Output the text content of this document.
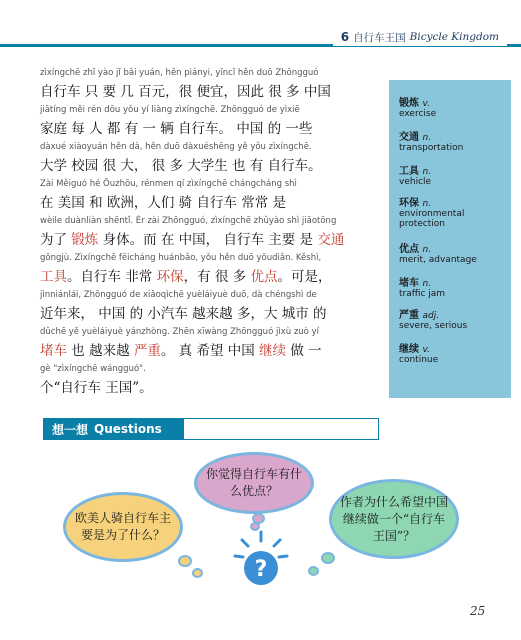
6 自行车王国 Bicycle Kingdom
zìxíngchē zhǐ yào jǐ bǎi yuán, hěn piányi, yīncǐ hěn duō Zhōngguó
自行车 只 要 几 百元，很 便宜，因此 很 多 中国
jiātíng měi rén dōu yǒu yí liàng zìxíngchē. Zhōngguó de yìxiē
家庭 每 人 都 有 一 辆 自行车。 中国 的 一些
dàxué xiàoyuán hěn dà, hěn duō dàxuéshēng yě yǒu zìxíngchē.
大学 校园 很 大， 很 多 大学生 也 有 自行车。
Zài Měiguó hé Ōuzhōu, rénmen qí zìxíngchē chángcháng shì
在 美国 和 欧洲，人们 骑 自行车 常常 是
wèile duànliàn shēntǐ. Ér zài Zhōngguó, zìxíngchē zhǔyào shì jiāotōng
为了 锻炼 身体。而 在 中国， 自行车 主要 是 交通
gōngjù. Zìxíngchē fēicháng huánbǎo, yǒu hěn duō yōudiǎn. Kěshì,
工具。自行车 非常 环保，有 很 多 优点。可是，
jìnniánlái, Zhōngguó de xiǎoqìchē yuèláiyuè duō, dà chéngshì de
近年来， 中国 的 小汽车 越来越 多，大 城市 的
dǔchē yě yuèláiyuè yánzhòng. Zhēn xīwàng Zhōngguó jìxù zuò yí
堵车 也 越来越 严重。 真 希望 中国 继续 做 一
gè "zìxíngchē wángguó".
个“自行车 王国”。
锻炼 v.
exercise
交通 n.
transportation
工具 n.
vehicle
环保 n.
environmental protection
优点 n.
merit, advantage
堵车 n.
traffic jam
严重 adj.
severe, serious
继续 v.
continue
想一想 Questions
欧美人骑自行车主要是为了什么？
你觉得自行车有什么优点？
作者为什么希望中国继续做一个“自行车王国”？
?
25
